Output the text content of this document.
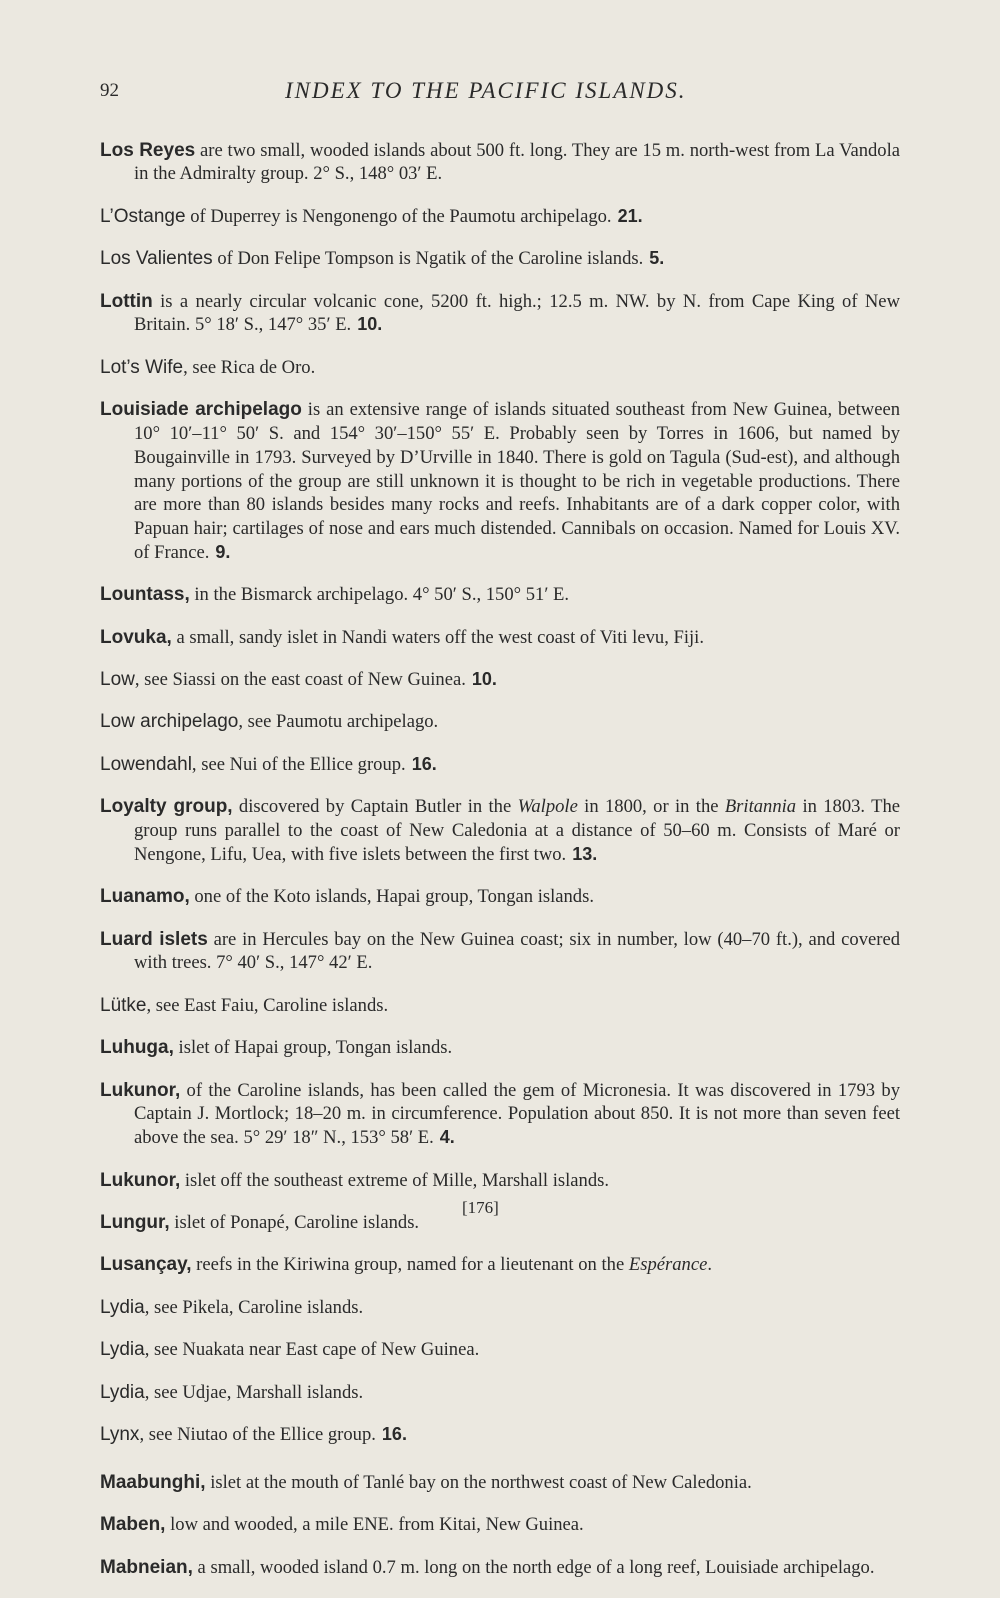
92	INDEX TO THE PACIFIC ISLANDS.

Los Reyes are two small, wooded islands about 500 ft. long. They are 15 m. north-west from La Vandola in the Admiralty group. 2° S., 148° 03′ E.

L’Ostange of Duperrey is Nengonengo of the Paumotu archipelago. 21.

Los Valientes of Don Felipe Tompson is Ngatik of the Caroline islands. 5.

Lottin is a nearly circular volcanic cone, 5200 ft. high.; 12.5 m. NW. by N. from Cape King of New Britain. 5° 18′ S., 147° 35′ E. 10.

Lot’s Wife, see Rica de Oro.

Louisiade archipelago is an extensive range of islands situated southeast from New Guinea, between 10° 10′–11° 50′ S. and 154° 30′–150° 55′ E. Probably seen by Torres in 1606, but named by Bougainville in 1793. Surveyed by D’Urville in 1840. There is gold on Tagula (Sud-est), and although many portions of the group are still unknown it is thought to be rich in vegetable productions. There are more than 80 islands besides many rocks and reefs. Inhabitants are of a dark copper color, with Papuan hair; cartilages of nose and ears much distended. Cannibals on occasion. Named for Louis XV. of France. 9.

Lountass, in the Bismarck archipelago. 4° 50′ S., 150° 51′ E.

Lovuka, a small, sandy islet in Nandi waters off the west coast of Viti levu, Fiji.

Low, see Siassi on the east coast of New Guinea. 10.

Low archipelago, see Paumotu archipelago.

Lowendahl, see Nui of the Ellice group. 16.

Loyalty group, discovered by Captain Butler in the Walpole in 1800, or in the Britannia in 1803. The group runs parallel to the coast of New Caledonia at a distance of 50–60 m. Consists of Maré or Nengone, Lifu, Uea, with five islets between the first two. 13.

Luanamo, one of the Koto islands, Hapai group, Tongan islands.

Luard islets are in Hercules bay on the New Guinea coast; six in number, low (40–70 ft.), and covered with trees. 7° 40′ S., 147° 42′ E.

Lütke, see East Faiu, Caroline islands.

Luhuga, islet of Hapai group, Tongan islands.

Lukunor, of the Caroline islands, has been called the gem of Micronesia. It was discovered in 1793 by Captain J. Mortlock; 18–20 m. in circumference. Population about 850. It is not more than seven feet above the sea. 5° 29′ 18″ N., 153° 58′ E. 4.

Lukunor, islet off the southeast extreme of Mille, Marshall islands.

Lungur, islet of Ponapé, Caroline islands.

Lusançay, reefs in the Kiriwina group, named for a lieutenant on the Espérance.

Lydia, see Pikela, Caroline islands.

Lydia, see Nuakata near East cape of New Guinea.

Lydia, see Udjae, Marshall islands.

Lynx, see Niutao of the Ellice group. 16.

Maabunghi, islet at the mouth of Tanlé bay on the northwest coast of New Caledonia.

Maben, low and wooded, a mile ENE. from Kitai, New Guinea.

Mabneian, a small, wooded island 0.7 m. long on the north edge of a long reef, Louisiade archipelago.

[176]
